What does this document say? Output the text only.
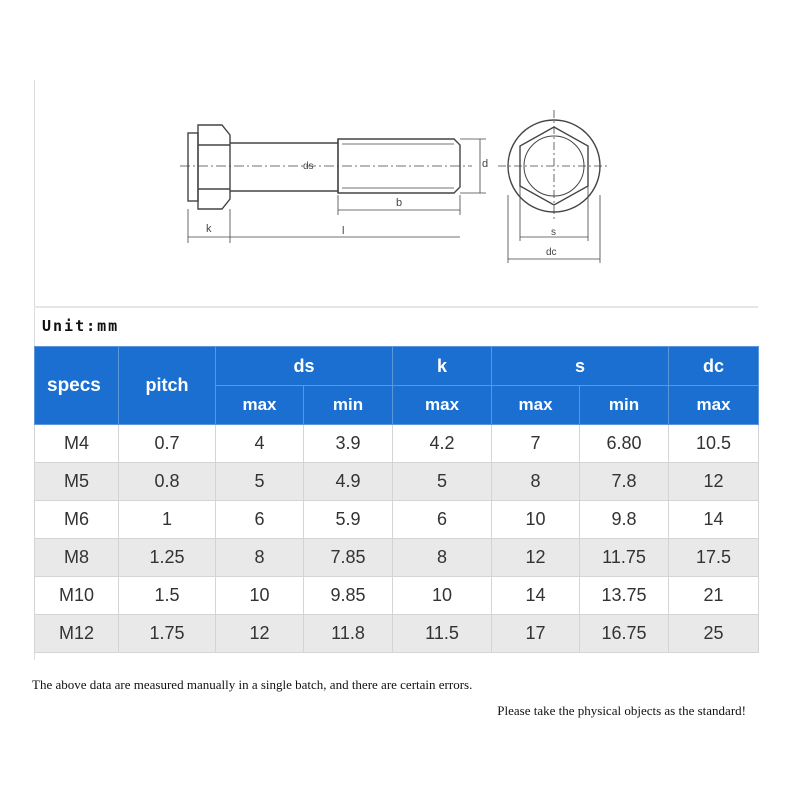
d
ds
b
k	l	s
dc
Unit:mm
specs	pitch	ds		k	s		dc
		max	min	max	max	min	max
M4	0.7	4	3.9	4.2	7	6.80	10.5
M5	0.8	5	4.9	5	8	7.8	12
M6	1	6	5.9	6	10	9.8	14
M8	1.25	8	7.85	8	12	11.75	17.5
M10	1.5	10	9.85	10	14	13.75	21
M12	1.75	12	11.8	11.5	17	16.75	25
The above data are measured manually in a single batch, and there are certain errors.
Please take the physical objects as the standard!
